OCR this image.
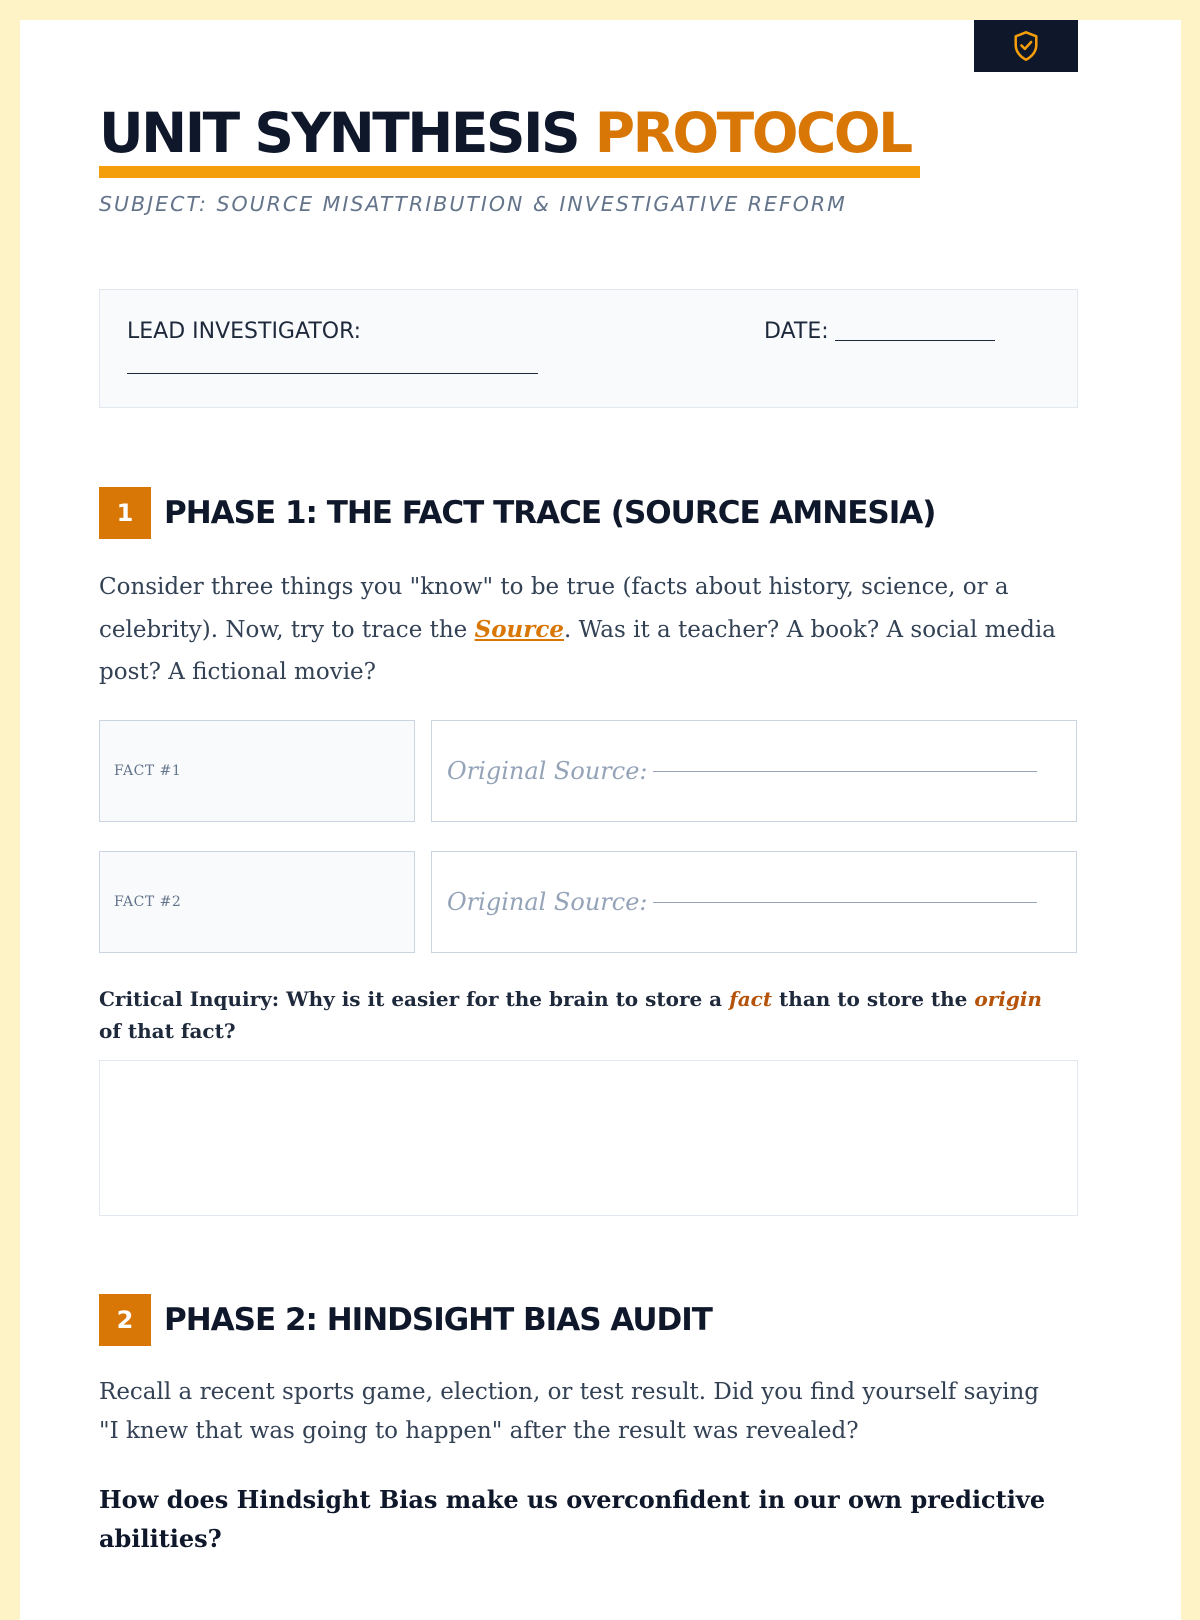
UNIT SYNTHESIS PROTOCOL
SUBJECT: SOURCE MISATTRIBUTION & INVESTIGATIVE REFORM
LEAD INVESTIGATOR:	DATE:
1 PHASE 1: THE FACT TRACE (SOURCE AMNESIA)

Consider three things you "know" to be true (facts about history, science, or a celebrity). Now, try to trace the Source. Was it a teacher? A book? A social media post? A fictional movie?

FACT #1	Original Source:
FACT #2	Original Source:

Critical Inquiry: Why is it easier for the brain to store a fact than to store the origin of that fact?

2 PHASE 2: HINDSIGHT BIAS AUDIT

Recall a recent sports game, election, or test result. Did you find yourself saying "I knew that was going to happen" after the result was revealed?

How does Hindsight Bias make us overconfident in our own predictive abilities?
